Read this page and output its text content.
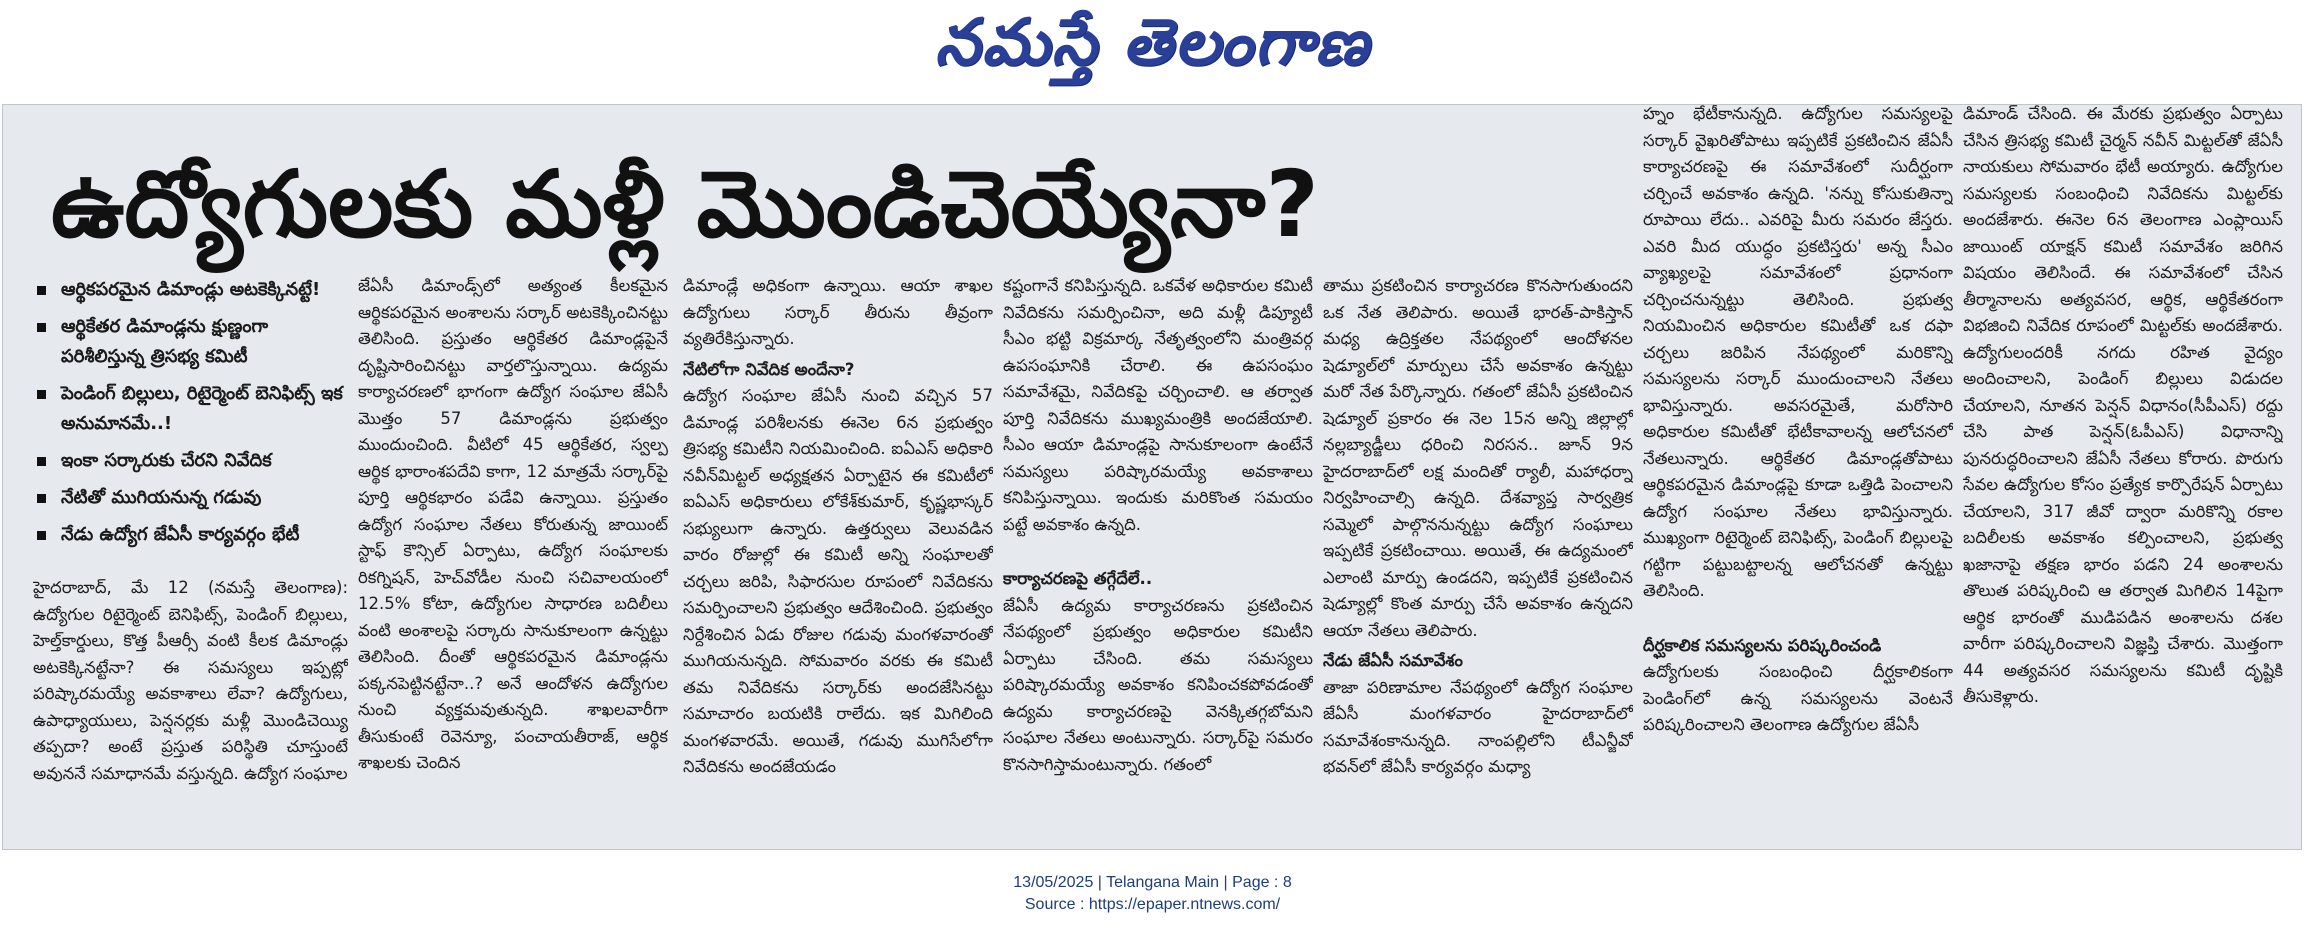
నమస్తే తెలంగాణ
ఉద్యోగులకు మళ్లీ మొండిచెయ్యేనా?
ఆర్థికపరమైన డిమాండ్లు అటకెక్కినట్టే!
ఆర్థికేతర డిమాండ్లను క్షుణ్ణంగా పరిశీలిస్తున్న త్రిసభ్య కమిటీ
పెండింగ్ బిల్లులు, రిటైర్మెంట్ బెనిఫిట్స్ ఇక అనుమానమే..!
ఇంకా సర్కారుకు చేరని నివేదిక
నేటితో ముగియనున్న గడువు
నేడు ఉద్యోగ జేఏసీ కార్యవర్గం భేటీ

హైదరాబాద్, మే 12 (నమస్తే తెలంగాణ): ఉద్యోగుల రిటైర్మెంట్ బెనిఫిట్స్, పెండింగ్ బిల్లులు, హెల్త్‌కార్డులు, కొత్త పీఆర్సీ వంటి కీలక డిమాండ్లు అటకెక్కినట్టేనా? ఈ సమస్యలు ఇప్పట్లో పరిష్కారమయ్యే అవకాశాలు లేవా? ఉద్యోగులు, ఉపాధ్యాయులు, పెన్షనర్లకు మళ్లీ మొండిచెయ్యి తప్పదా? అంటే ప్రస్తుత పరిస్థితి చూస్తుంటే అవుననే సమాధానమే వస్తున్నది. ఉద్యోగ సంఘాల

జేఏసీ డిమాండ్స్‌లో అత్యంత కీలకమైన ఆర్థికపరమైన అంశాలను సర్కార్ అటకెక్కించినట్టు తెలిసింది. ప్రస్తుతం ఆర్థికేతర డిమాండ్లపైనే దృష్టిసారించినట్టు వార్తలొస్తున్నాయి. ఉద్యమ కార్యాచరణలో భాగంగా ఉద్యోగ సంఘాల జేఏసీ మొత్తం 57 డిమాండ్లను ప్రభుత్వం ముందుంచింది. వీటిలో 45 ఆర్థికేతర, స్వల్ప ఆర్థిక భారాంశపదేవి కాగా, 12 మాత్రమే సర్కార్‌పై పూర్తి ఆర్థికభారం పడేవి ఉన్నాయి. ప్రస్తుతం ఉద్యోగ సంఘాల నేతలు కోరుతున్న జాయింట్ స్టాఫ్ కౌన్సిల్ ఏర్పాటు, ఉద్యోగ సంఘాలకు రికగ్నిషన్, హెచ్‌వోడీల నుంచి సచివాలయంలో 12.5% కోటా, ఉద్యోగుల సాధారణ బదిలీలు వంటి అంశాలపై సర్కారు సానుకూలంగా ఉన్నట్టు తెలిసింది. దీంతో ఆర్థికపరమైన డిమాండ్లను పక్కనపెట్టినట్టేనా..? అనే ఆందోళన ఉద్యోగుల నుంచి వ్యక్తమవుతున్నది. శాఖలవారీగా తీసుకుంటే రెవెన్యూ, పంచాయతీరాజ్, ఆర్థిక శాఖలకు చెందిన

డిమాండ్లే అధికంగా ఉన్నాయి. ఆయా శాఖల ఉద్యోగులు సర్కార్ తీరును తీవ్రంగా వ్యతిరేకిస్తున్నారు.

నేటిలోగా నివేదిక అందేనా?

ఉద్యోగ సంఘాల జేఏసీ నుంచి వచ్చిన 57 డిమాండ్ల పరిశీలనకు ఈనెల 6న ప్రభుత్వం త్రిసభ్య కమిటీని నియమించింది. ఐఏఎస్ అధికారి నవీన్‌మిట్టల్ అధ్యక్షతన ఏర్పాటైన ఈ కమిటీలో ఐఏఎస్ అధికారులు లోకేశ్‌కుమార్, కృష్ణభాస్కర్ సభ్యులుగా ఉన్నారు. ఉత్తర్వులు వెలువడిన వారం రోజుల్లో ఈ కమిటీ అన్ని సంఘాలతో చర్చలు జరిపి, సిఫారసుల రూపంలో నివేదికను సమర్పించాలని ప్రభుత్వం ఆదేశించింది. ప్రభుత్వం నిర్దేశించిన ఏడు రోజుల గడువు మంగళవారంతో ముగియనున్నది. సోమవారం వరకు ఈ కమిటీ తమ నివేదికను సర్కార్‌కు అందజేసినట్టు సమాచారం బయటికి రాలేదు. ఇక మిగిలింది మంగళవారమే. అయితే, గడువు ముగిసేలోగా నివేదికను అందజేయడం

కష్టంగానే కనిపిస్తున్నది. ఒకవేళ అధికారుల కమిటీ నివేదికను సమర్పించినా, అది మళ్లీ డిప్యూటీ సీఎం భట్టి విక్రమార్క నేతృత్వంలోని మంత్రివర్గ ఉపసంఘానికి చేరాలి. ఈ ఉపసంఘం సమావేశమై, నివేదికపై చర్చించాలి. ఆ తర్వాత పూర్తి నివేదికను ముఖ్యమంత్రికి అందజేయాలి. సీఎం ఆయా డిమాండ్లపై సానుకూలంగా ఉంటేనే సమస్యలు పరిష్కారమయ్యే అవకాశాలు కనిపిస్తున్నాయి. ఇందుకు మరికొంత సమయం పట్టే అవకాశం ఉన్నది.

కార్యాచరణపై తగ్గేదేలే..

జేఏసీ ఉద్యమ కార్యాచరణను ప్రకటించిన నేపథ్యంలో ప్రభుత్వం అధికారుల కమిటీని ఏర్పాటు చేసింది. తమ సమస్యలు పరిష్కారమయ్యే అవకాశం కనిపించకపోవడంతో ఉద్యమ కార్యాచరణపై వెనక్కితగ్గబోమని సంఘాల నేతలు అంటున్నారు. సర్కార్‌పై సమరం కొనసాగిస్తామంటున్నారు. గతంలో

తాము ప్రకటించిన కార్యాచరణ కొనసాగుతుందని ఒక నేత తెలిపారు. అయితే భారత్-పాకిస్తాన్ మధ్య ఉద్రిక్తతల నేపథ్యంలో ఆందోళనల షెడ్యూల్‌లో మార్పులు చేసే అవకాశం ఉన్నట్టు మరో నేత పేర్కొన్నారు. గతంలో జేఏసీ ప్రకటించిన షెడ్యూల్ ప్రకారం ఈ నెల 15న అన్ని జిల్లాల్లో నల్లబ్యాడ్జీలు ధరించి నిరసన.. జూన్ 9న హైదరాబాద్‌లో లక్ష మందితో ర్యాలీ, మహాధర్నా నిర్వహించాల్సి ఉన్నది. దేశవ్యాప్త సార్వత్రిక సమ్మెలో పాల్గొననున్నట్టు ఉద్యోగ సంఘాలు ఇప్పటికే ప్రకటించాయి. అయితే, ఈ ఉద్యమంలో ఎలాంటి మార్పు ఉండదని, ఇప్పటికే ప్రకటించిన షెడ్యూల్లో కొంత మార్పు చేసే అవకాశం ఉన్నదని ఆయా నేతలు తెలిపారు.

నేడు జేఏసీ సమావేశం

తాజా పరిణామాల నేపథ్యంలో ఉద్యోగ సంఘాల జేఏసీ మంగళవారం హైదరాబాద్‌లో సమావేశంకానున్నది. నాంపల్లిలోని టీఎన్జీవో భవన్‌లో జేఏసీ కార్యవర్గం మధ్యా

హ్నం భేటీకానున్నది. ఉద్యోగుల సమస్యలపై సర్కార్ వైఖరితోపాటు ఇప్పటికే ప్రకటించిన జేఏసీ కార్యాచరణపై ఈ సమావేశంలో సుదీర్ఘంగా చర్చించే అవకాశం ఉన్నది. 'నన్ను కోసుకుతిన్నా రూపాయి లేదు.. ఎవరిపై మీరు సమరం జేస్తరు. ఎవరి మీద యుద్ధం ప్రకటిస్తరు' అన్న సీఎం వ్యాఖ్యలపై సమావేశంలో ప్రధానంగా చర్చించనున్నట్టు తెలిసింది. ప్రభుత్వ నియమించిన అధికారుల కమిటీతో ఒక దఫా చర్చలు జరిపిన నేపథ్యంలో మరికొన్ని సమస్యలను సర్కార్ ముందుంచాలని నేతలు భావిస్తున్నారు. అవసరమైతే, మరోసారి అధికారుల కమిటీతో భేటీకావాలన్న ఆలోచనలో నేతలున్నారు. ఆర్థికేతర డిమాండ్లతోపాటు ఆర్థికపరమైన డిమాండ్లపై కూడా ఒత్తిడి పెంచాలని ఉద్యోగ సంఘాల నేతలు భావిస్తున్నారు. ముఖ్యంగా రిటైర్మెంట్ బెనిఫిట్స్, పెండింగ్ బిల్లులపై గట్టిగా పట్టుబట్టాలన్న ఆలోచనతో ఉన్నట్టు తెలిసింది.

దీర్ఘకాలిక సమస్యలను పరిష్కరించండి

ఉద్యోగులకు సంబంధించి దీర్ఘకాలికంగా పెండింగ్‌లో ఉన్న సమస్యలను వెంటనే పరిష్కరించాలని తెలంగాణ ఉద్యోగుల జేఏసీ

డిమాండ్ చేసింది. ఈ మేరకు ప్రభుత్వం ఏర్పాటు చేసిన త్రిసభ్య కమిటీ చైర్మన్ నవీన్ మిట్టల్‌తో జేఏసీ నాయకులు సోమవారం భేటీ అయ్యారు. ఉద్యోగుల సమస్యలకు సంబంధించి నివేదికను మిట్టల్‌కు అందజేశారు. ఈనెల 6న తెలంగాణ ఎంప్లాయిస్ జాయింట్ యాక్షన్ కమిటీ సమావేశం జరిగిన విషయం తెలిసిందే. ఈ సమావేశంలో చేసిన తీర్మానాలను అత్యవసర, ఆర్థిక, ఆర్థికేతరంగా విభజించి నివేదిక రూపంలో మిట్టల్‌కు అందజేశారు. ఉద్యోగులందరికీ నగదు రహిత వైద్యం అందించాలని, పెండింగ్ బిల్లులు విడుదల చేయాలని, నూతన పెన్షన్ విధానం(సీపీఎస్) రద్దు చేసి పాత పెన్షన్(ఓపీఎస్) విధానాన్ని పునరుద్ధరించాలని జేఏసీ నేతలు కోరారు. పొరుగు సేవల ఉద్యోగుల కోసం ప్రత్యేక కార్పొరేషన్ ఏర్పాటు చేయాలని, 317 జీవో ద్వారా మరికొన్ని రకాల బదిలీలకు అవకాశం కల్పించాలని, ప్రభుత్వ ఖజానాపై తక్షణ భారం పడని 24 అంశాలను తొలుత పరిష్కరించి ఆ తర్వాత మిగిలిన 14పైగా ఆర్థిక భారంతో ముడిపడిన అంశాలను దశల వారీగా పరిష్కరించాలని విజ్ఞప్తి చేశారు. మొత్తంగా 44 అత్యవసర సమస్యలను కమిటీ దృష్టికి తీసుకెళ్లారు.

13/05/2025 | Telangana Main | Page : 8
Source : https://epaper.ntnews.com/
